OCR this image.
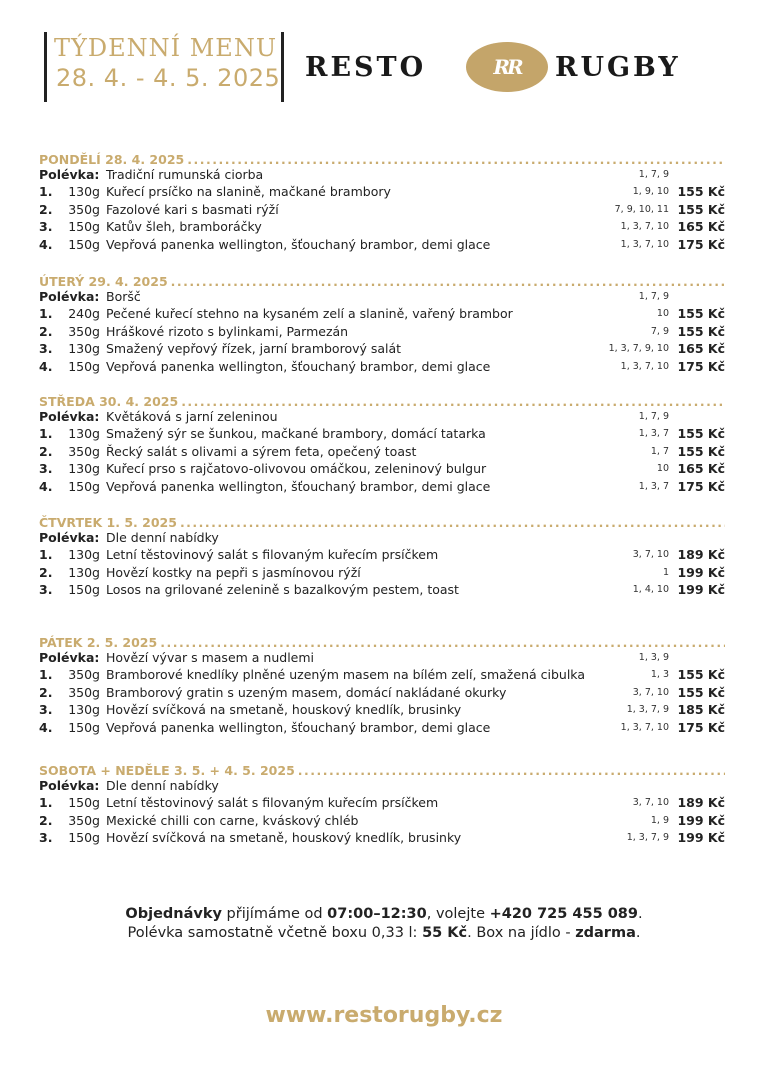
TÝDENNÍ MENU
28. 4. - 4. 5. 2025 RESTO	RR RUGBY
PONDĚLÍ 28. 4. 2025
.....
Polévka: Tradiční rumunská ciorba	1, 7, 9
1. 130g Kuřecí prsíčko na slanině, mačkané brambory	1, 9, 10 155 Kč
2. 350g Fazolové kari s basmati rýží	7, 9, 10, 11 155 Kč
3. 150g Katův šleh, bramboráčky	1, 3, 7, 10 165 Kč
4. 150g Vepřová panenka wellington, šťouchaný brambor, demi glace	1, 3, 7, 10 175 Kč
ÚTERÝ 29. 4. 2025
.....
Polévka: Boršč	1, 7, 9
1. 240g Pečené kuřecí stehno na kysaném zelí a slanině, vařený brambor	10 155 Kč
2. 350g Hráškové rizoto s bylinkami, Parmezán	7, 9 155 Kč
3. 130g Smažený vepřový řízek, jarní bramborový salát	1, 3, 7, 9, 10 165 Kč
4. 150g Vepřová panenka wellington, šťouchaný brambor, demi glace	1, 3, 7, 10 175 Kč
STŘEDA 30. 4. 2025
.....
Polévka: Květáková s jarní zeleninou	1, 7, 9
1. 130g Smažený sýr se šunkou, mačkané brambory, domácí tatarka	1, 3, 7 155 Kč
2. 350g Řecký salát s olivami a sýrem feta, opečený toast	1, 7 155 Kč
3. 130g Kuřecí prso s rajčatovo-olivovou omáčkou, zeleninový bulgur	10 165 Kč
4. 150g Vepřová panenka wellington, šťouchaný brambor, demi glace	1, 3, 7 175 Kč
ČTVRTEK 1. 5. 2025
.....
Polévka: Dle denní nabídky
1. 130g Letní těstovinový salát s filovaným kuřecím prsíčkem	3, 7, 10 189 Kč
2. 130g Hovězí kostky na pepři s jasmínovou rýží	1 199 Kč
3. 150g Losos na grilované zelenině s bazalkovým pestem, toast	1, 4, 10 199 Kč
PÁTEK 2. 5. 2025
.....
Polévka: Hovězí vývar s masem a nudlemi	1, 3, 9
1. 350g Bramborové knedlíky plněné uzeným masem na bílém zelí, smažená cibulka	1, 3 155 Kč
2. 350g Bramborový gratin s uzeným masem, domácí nakládané okurky	3, 7, 10 155 Kč
3. 130g Hovězí svíčková na smetaně, houskový knedlík, brusinky	1, 3, 7, 9 185 Kč
4. 150g Vepřová panenka wellington, šťouchaný brambor, demi glace	1, 3, 7, 10 175 Kč
SOBOTA + NEDĚLE 3. 5. + 4. 5. 2025
.....
Polévka: Dle denní nabídky
1. 150g Letní těstovinový salát s filovaným kuřecím prsíčkem	3, 7, 10 189 Kč
2. 350g Mexické chilli con carne, kváskový chléb	1, 9 199 Kč
3. 150g Hovězí svíčková na smetaně, houskový knedlík, brusinky	1, 3, 7, 9 199 Kč
Objednávky přijímáme od 07:00–12:30, volejte +420 725 455 089.
Polévka samostatně včetně boxu 0,33 l: 55 Kč. Box na jídlo - zdarma.
www.restorugby.cz
